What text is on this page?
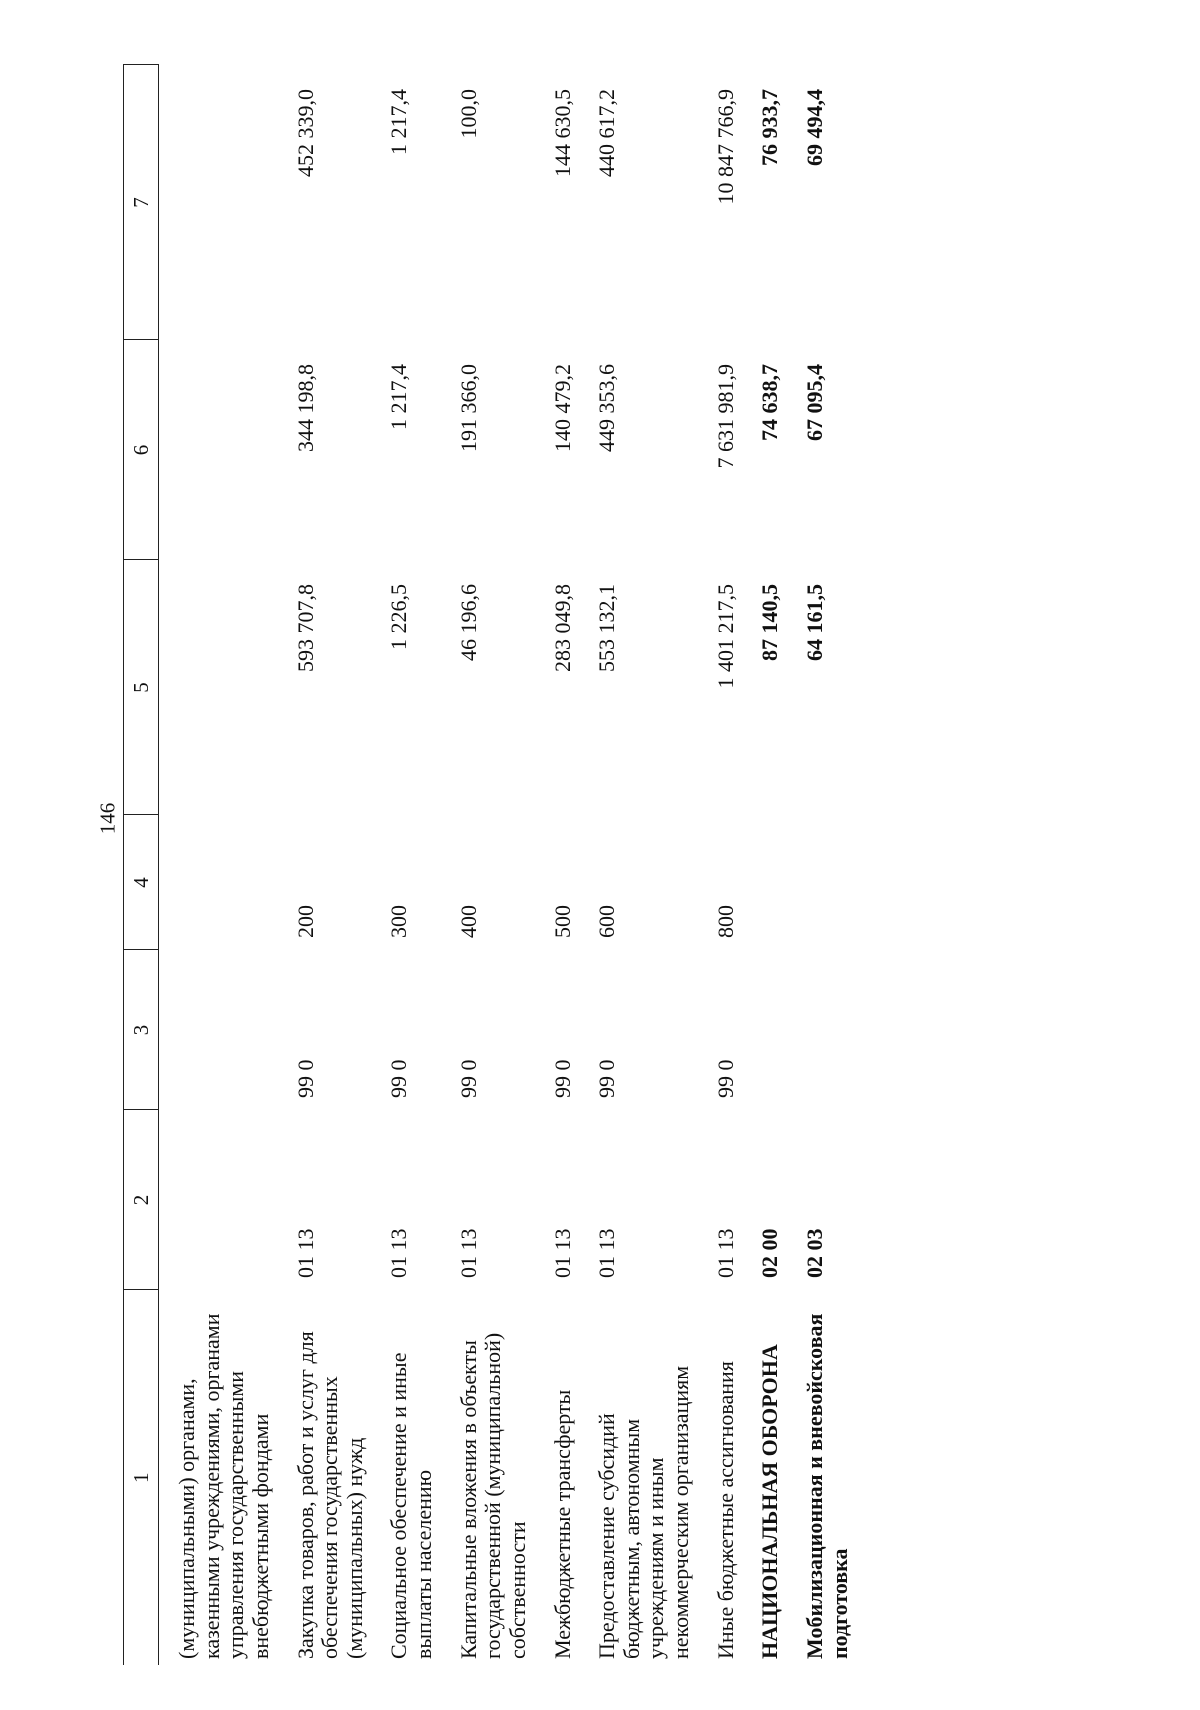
146
1	2	3	4	5	6	7
(муниципальными) органами, казенными учреждениями, органами управления государственными внебюджетными фондами						
Закупка товаров, работ и услуг для обеспечения государственных (муниципальных) нужд	01 13	99 0	200	593 707,8	344 198,8	452 339,0
Социальное обеспечение и иные выплаты населению	01 13	99 0	300	1 226,5	1 217,4	1 217,4
Капитальные вложения в объекты государственной (муниципальной) собственности	01 13	99 0	400	46 196,6	191 366,0	100,0
Межбюджетные трансферты	01 13	99 0	500	283 049,8	140 479,2	144 630,5
Предоставление субсидий бюджетным, автономным учреждениям и иным некоммерческим организациям	01 13	99 0	600	553 132,1	449 353,6	440 617,2
Иные бюджетные ассигнования	01 13	99 0	800	1 401 217,5	7 631 981,9	10 847 766,9
НАЦИОНАЛЬНАЯ ОБОРОНА	02 00			87 140,5	74 638,7	76 933,7
Мобилизационная и вневойсковая подготовка	02 03			64 161,5	67 095,4	69 494,4
